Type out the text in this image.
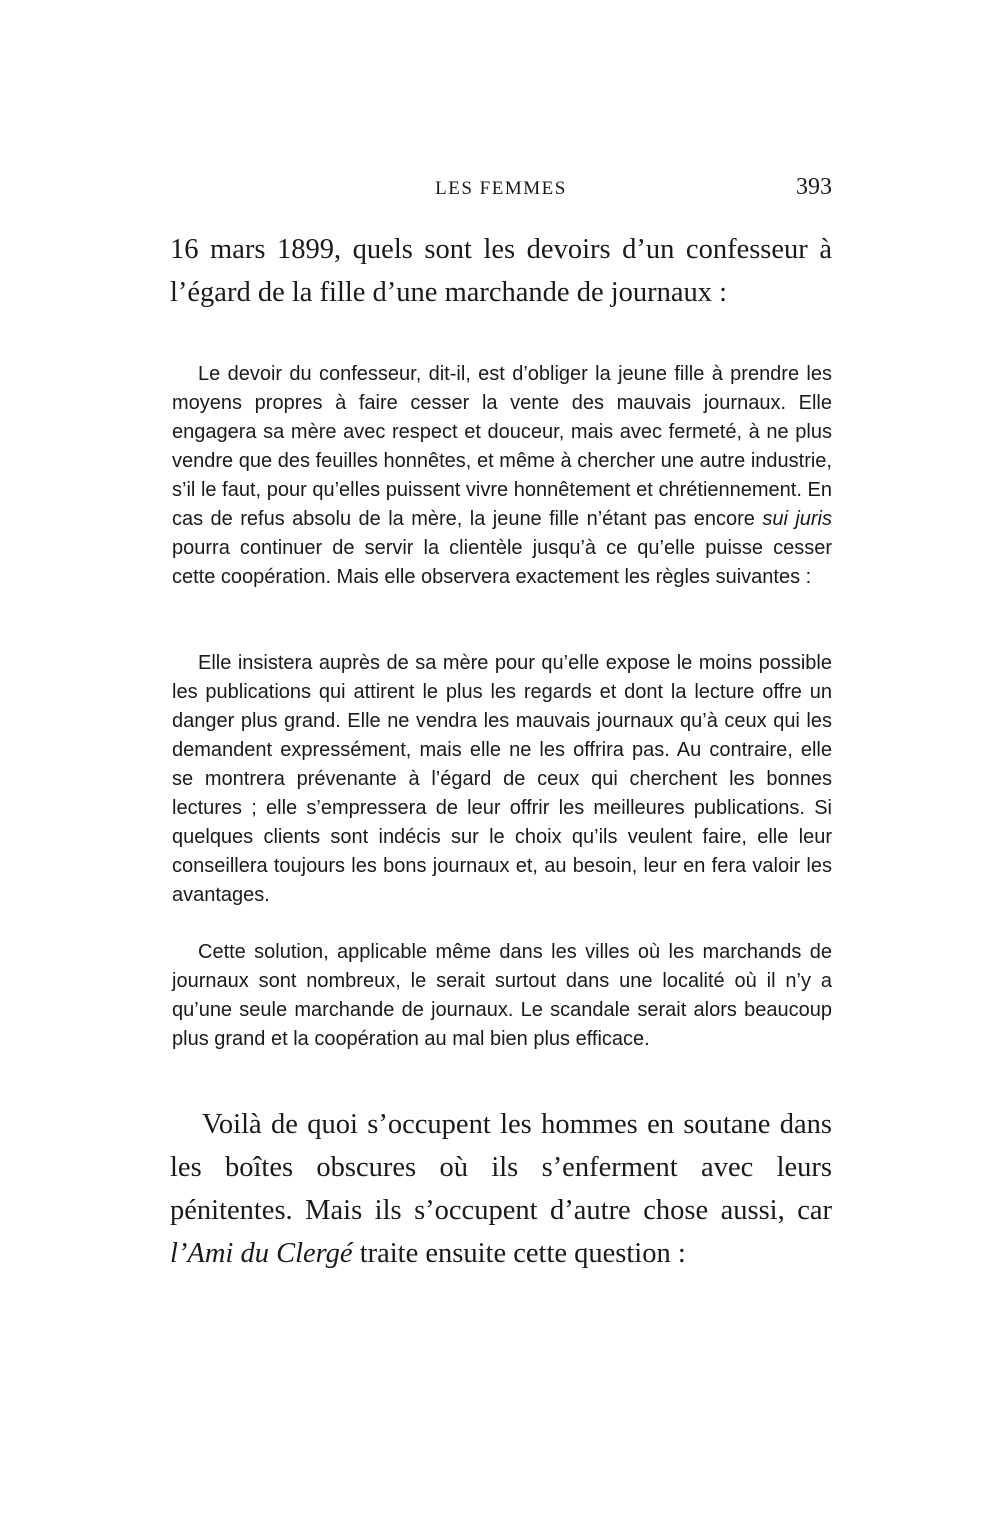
LES FEMMES	393

16 mars 1899, quels sont les devoirs d’un confesseur à l’égard de la fille d’une marchande de journaux :

Le devoir du confesseur, dit-il, est d’obliger la jeune fille à prendre les moyens propres à faire cesser la vente des mauvais journaux. Elle engagera sa mère avec respect et douceur, mais avec fermeté, à ne plus vendre que des feuilles honnêtes, et même à chercher une autre industrie, s’il le faut, pour qu’elles puissent vivre honnêtement et chrétiennement. En cas de refus absolu de la mère, la jeune fille n’étant pas encore sui juris pourra continuer de servir la clientèle jusqu’à ce qu’elle puisse cesser cette coopération. Mais elle observera exactement les règles suivantes :

Elle insistera auprès de sa mère pour qu’elle expose le moins possible les publications qui attirent le plus les regards et dont la lecture offre un danger plus grand. Elle ne vendra les mauvais journaux qu’à ceux qui les demandent expressément, mais elle ne les offrira pas. Au contraire, elle se montrera prévenante à l’égard de ceux qui cherchent les bonnes lectures ; elle s’empressera de leur offrir les meilleures publications. Si quelques clients sont indécis sur le choix qu’ils veulent faire, elle leur conseillera toujours les bons journaux et, au besoin, leur en fera valoir les avantages.

Cette solution, applicable même dans les villes où les marchands de journaux sont nombreux, le serait surtout dans une localité où il n’y a qu’une seule marchande de journaux. Le scandale serait alors beaucoup plus grand et la coopération au mal bien plus efficace.

Voilà de quoi s’occupent les hommes en soutane dans les boîtes obscures où ils s’enferment avec leurs pénitentes. Mais ils s’occupent d’autre chose aussi, car l’Ami du Clergé traite ensuite cette question :
